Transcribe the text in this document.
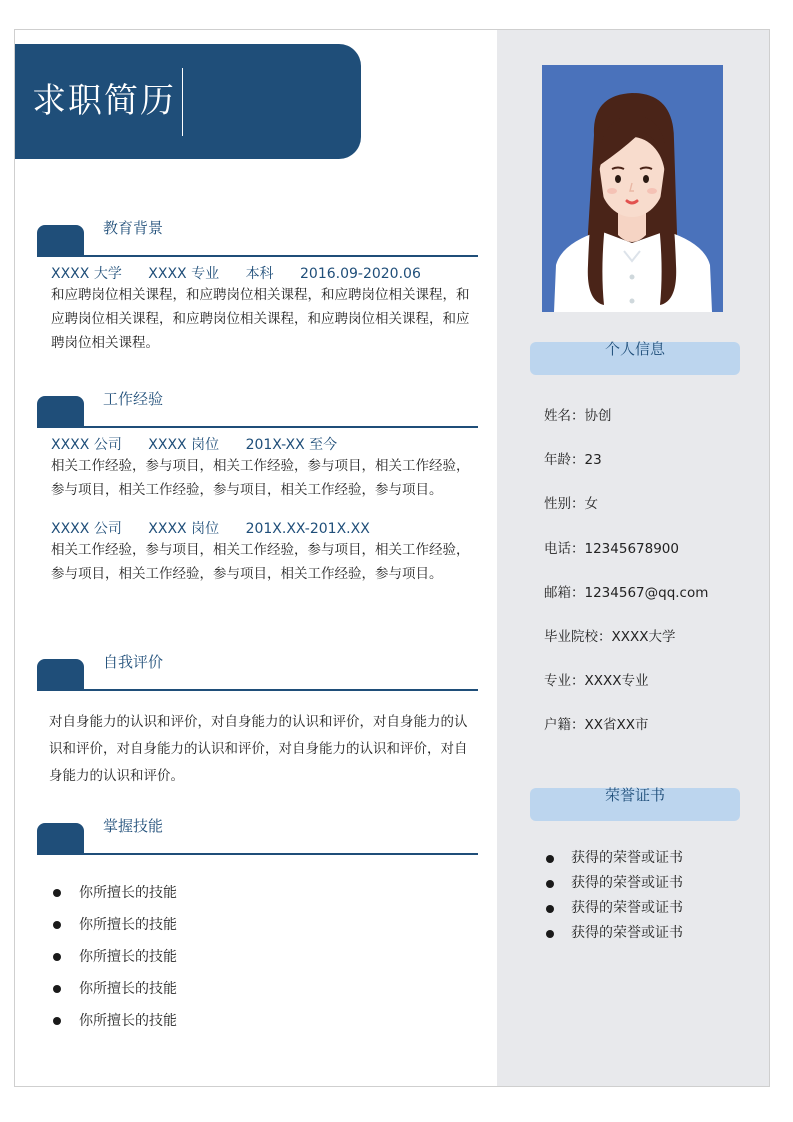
个人信息
姓名：协创
年龄：23
性别：女
电话：12345678900
邮箱：1234567@qq.com
毕业院校：XXXX大学
专业：XXXX专业
户籍：XX省XX市
荣誉证书
获得的荣誉或证书
获得的荣誉或证书
获得的荣誉或证书
获得的荣誉或证书
求职简历
教育背景
XXXX 大学 XXXX 专业 本科 2016.09-2020.06

和应聘岗位相关课程，和应聘岗位相关课程，和应聘岗位相关课程，和应聘岗位相关课程，和应聘岗位相关课程，和应聘岗位相关课程，和应聘岗位相关课程。

工作经验
XXXX 公司 XXXX 岗位 201X-XX 至今

相关工作经验，参与项目，相关工作经验，参与项目，相关工作经验，参与项目，相关工作经验，参与项目，相关工作经验，参与项目。

XXXX 公司 XXXX 岗位 201X.XX-201X.XX

相关工作经验，参与项目，相关工作经验，参与项目，相关工作经验，参与项目，相关工作经验，参与项目，相关工作经验，参与项目。

自我评价
对自身能力的认识和评价，对自身能力的认识和评价，对自身能力的认识和评价，对自身能力的认识和评价，对自身能力的认识和评价，对自身能力的认识和评价。
掌握技能
你所擅长的技能
你所擅长的技能
你所擅长的技能
你所擅长的技能
你所擅长的技能
